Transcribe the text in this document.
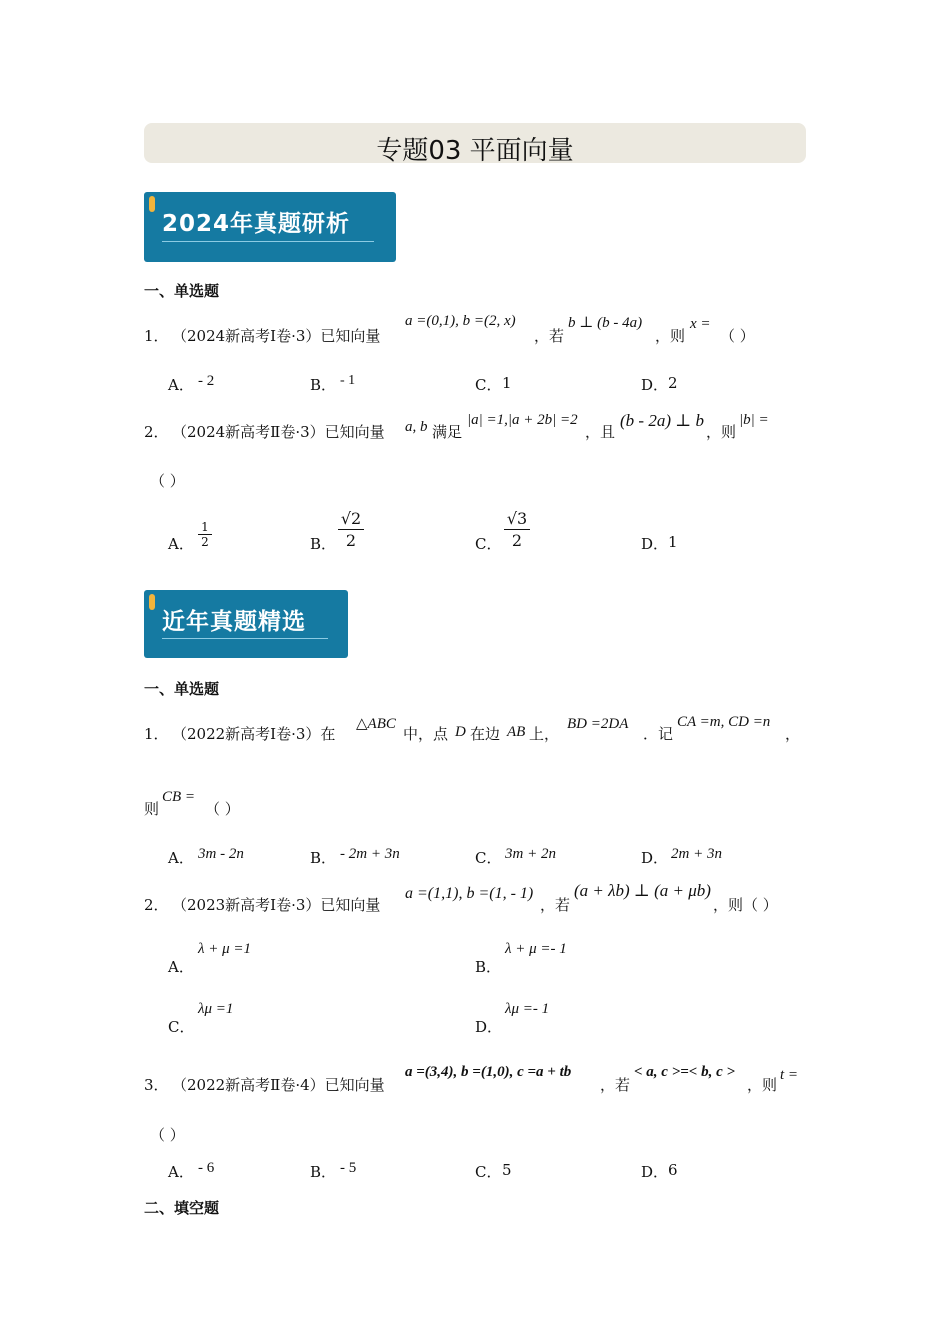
专题03 平面向量
2024年真题研析
一、单选题
1． （2024新高考Ⅰ卷·3）已知向量
a =(0,1), b =(2, x)
，若
b ⊥ (b - 4a)
，则
x =
（ ）
A． - 2	B． - 1	C． 1	D． 2
2． （2024新高考Ⅱ卷·3）已知向量 a, b 满足
|a| =1,|a + 2b| =2
，且
(b - 2a) ⊥ b
，则
|b| =
（ ）
A． $\frac{1}{2}$	B． $\frac{√2}{2}$	C． $\frac{√3}{2}$	D． 1
近年真题精选
一、单选题
1． （2022新高考Ⅰ卷·3）在
△ABC
中，点 D 在边 AB 上，
BD =2DA
．记
CA =m, CD =n
，
则
CB =
（ ）
A． 3m - 2n	B． - 2m + 3n	C． 3m + 2n	D． 2m + 3n
2． （2023新高考Ⅰ卷·3）已知向量
a =(1,1), b =(1, - 1)
，若
(a + λb) ⊥ (a + μb)
，则（ ）
A．
λ + μ =1
B．
λ + μ =- 1
C．
λμ =1
D．
λμ =- 1
3． （2022新高考Ⅱ卷·4）已知向量
a =(3,4), b =(1,0), c =a + tb
，若
< a, c >=< b, c >
，则
t =
（ ）
A． - 6	B． - 5	C． 5	D． 6
二、填空题
